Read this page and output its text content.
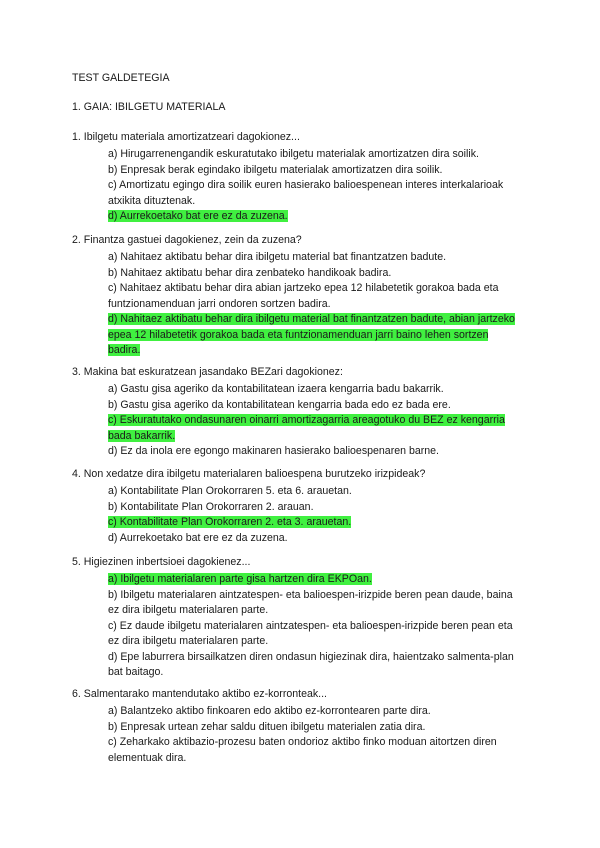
TEST GALDETEGIA
1. GAIA: IBILGETU MATERIALA
1. Ibilgetu materiala amortizatzeari dagokionez...
a) Hirugarrenengandik eskuratutako ibilgetu materialak amortizatzen dira soilik.
b) Enpresak berak egindako ibilgetu materialak amortizatzen dira soilik.
c) Amortizatu egingo dira soilik euren hasierako balioespenean interes interkalarioak atxikita dituztenak.
d) Aurrekoetako bat ere ez da zuzena.
2. Finantza gastuei dagokienez, zein da zuzena?
a) Nahitaez aktibatu behar dira ibilgetu material bat finantzatzen badute.
b) Nahitaez aktibatu behar dira zenbateko handikoak badira.
c) Nahitaez aktibatu behar dira abian jartzeko epea 12 hilabetetik gorakoa bada eta funtzionamenduan jarri ondoren sortzen badira.
d) Nahitaez aktibatu behar dira ibilgetu material bat finantzatzen badute, abian jartzeko epea 12 hilabetetik gorakoa bada eta funtzionamenduan jarri baino lehen sortzen badira.
3. Makina bat eskuratzean jasandako BEZari dagokionez:
a) Gastu gisa ageriko da kontabilitatean izaera kengarria badu bakarrik.
b) Gastu gisa ageriko da kontabilitatean kengarria bada edo ez bada ere.
c) Eskuratutako ondasunaren oinarri amortizagarria areagotuko du BEZ ez kengarria bada bakarrik.
d) Ez da inola ere egongo makinaren hasierako balioespenaren barne.
4. Non xedatze dira ibilgetu materialaren balioespena burutzeko irizpideak?
a) Kontabilitate Plan Orokorraren 5. eta 6. arauetan.
b) Kontabilitate Plan Orokorraren 2. arauan.
c) Kontabilitate Plan Orokorraren 2. eta 3. arauetan.
d) Aurrekoetako bat ere ez da zuzena.
5. Higiezinen inbertsioei dagokienez...
a) Ibilgetu materialaren parte gisa hartzen dira EKPOan.
b) Ibilgetu materialaren aintzatespen- eta balioespen-irizpide beren pean daude, baina ez dira ibilgetu materialaren parte.
c) Ez daude ibilgetu materialaren aintzatespen- eta balioespen-irizpide beren pean eta ez dira ibilgetu materialaren parte.
d) Epe laburrera birsailkatzen diren ondasun higiezinak dira, haientzako salmenta-plan bat baitago.
6. Salmentarako mantendutako aktibo ez-korronteak...
a) Balantzeko aktibo finkoaren edo aktibo ez-korrontearen parte dira.
b) Enpresak urtean zehar saldu dituen ibilgetu materialen zatia dira.
c) Zeharkako aktibazio-prozesu baten ondorioz aktibo finko moduan aitortzen diren elementuak dira.
